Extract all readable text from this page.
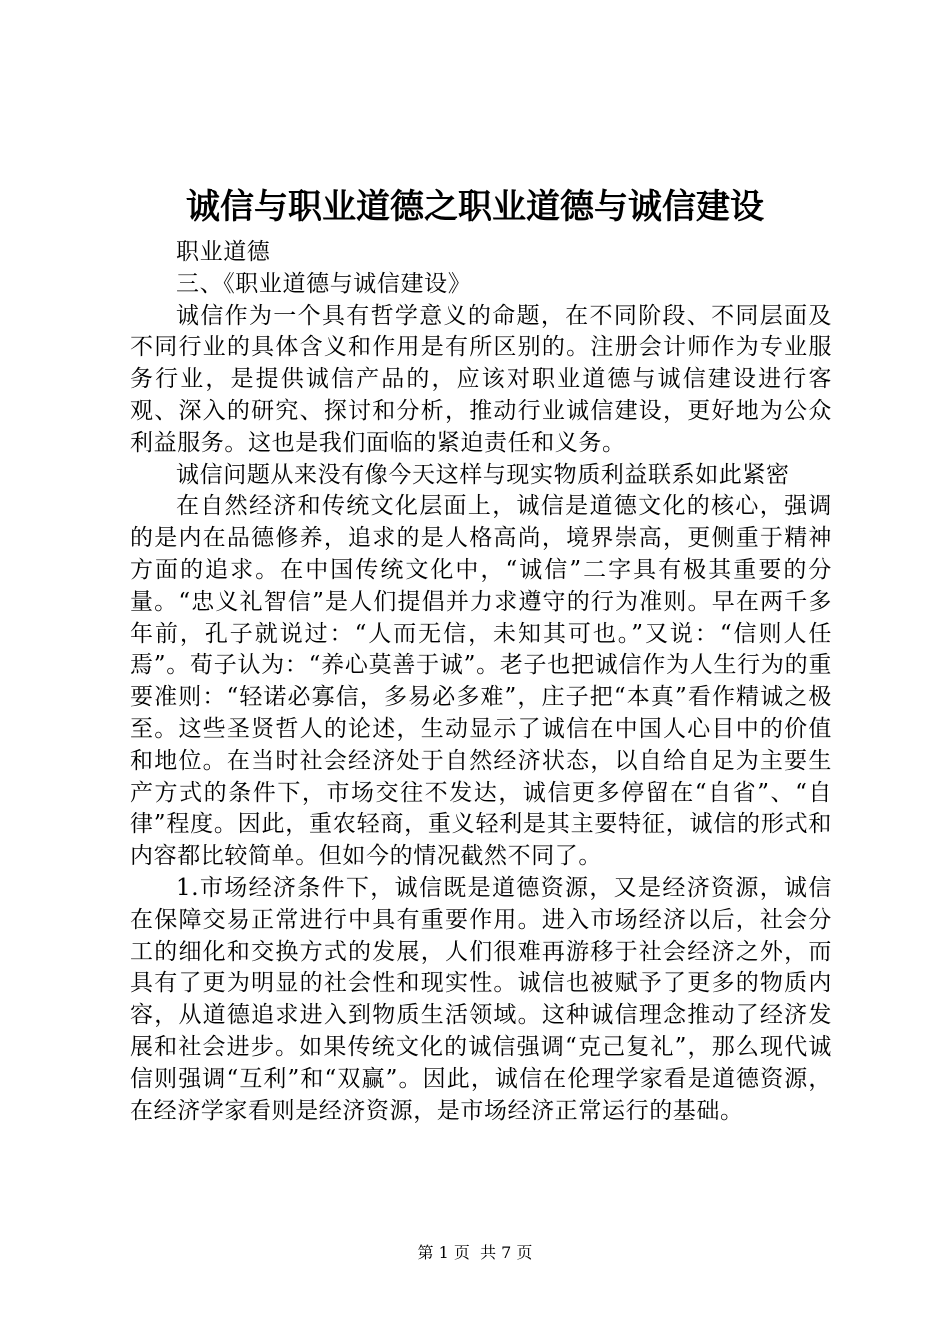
诚信与职业道德之职业道德与诚信建设

职业道德

三、《职业道德与诚信建设》

诚信作为一个具有哲学意义的命题，在不同阶段、不同层面及不同行业的具体含义和作用是有所区别的。注册会计师作为专业服务行业，是提供诚信产品的，应该对职业道德与诚信建设进行客观、深入的研究、探讨和分析，推动行业诚信建设，更好地为公众利益服务。这也是我们面临的紧迫责任和义务。

诚信问题从来没有像今天这样与现实物质利益联系如此紧密

在自然经济和传统文化层面上，诚信是道德文化的核心，强调的是内在品德修养，追求的是人格高尚，境界崇高，更侧重于精神方面的追求。在中国传统文化中，“诚信”二字具有极其重要的分量。“忠义礼智信”是人们提倡并力求遵守的行为准则。早在两千多年前，孔子就说过：“人而无信，未知其可也。”又说：“信则人任焉”。荀子认为：“养心莫善于诚”。老子也把诚信作为人生行为的重要准则：“轻诺必寡信，多易必多难”，庄子把“本真”看作精诚之极至。这些圣贤哲人的论述，生动显示了诚信在中国人心目中的价值和地位。在当时社会经济处于自然经济状态，以自给自足为主要生产方式的条件下，市场交往不发达，诚信更多停留在“自省”、“自律”程度。因此，重农轻商，重义轻利是其主要特征，诚信的形式和内容都比较简单。但如今的情况截然不同了。

1.市场经济条件下，诚信既是道德资源，又是经济资源，诚信在保障交易正常进行中具有重要作用。进入市场经济以后，社会分工的细化和交换方式的发展，人们很难再游移于社会经济之外，而具有了更为明显的社会性和现实性。诚信也被赋予了更多的物质内容，从道德追求进入到物质生活领域。这种诚信理念推动了经济发展和社会进步。如果传统文化的诚信强调“克己复礼”，那么现代诚信则强调“互利”和“双赢”。因此，诚信在伦理学家看是道德资源，在经济学家看则是经济资源，是市场经济正常运行的基础。

第 1 页 共 7 页
